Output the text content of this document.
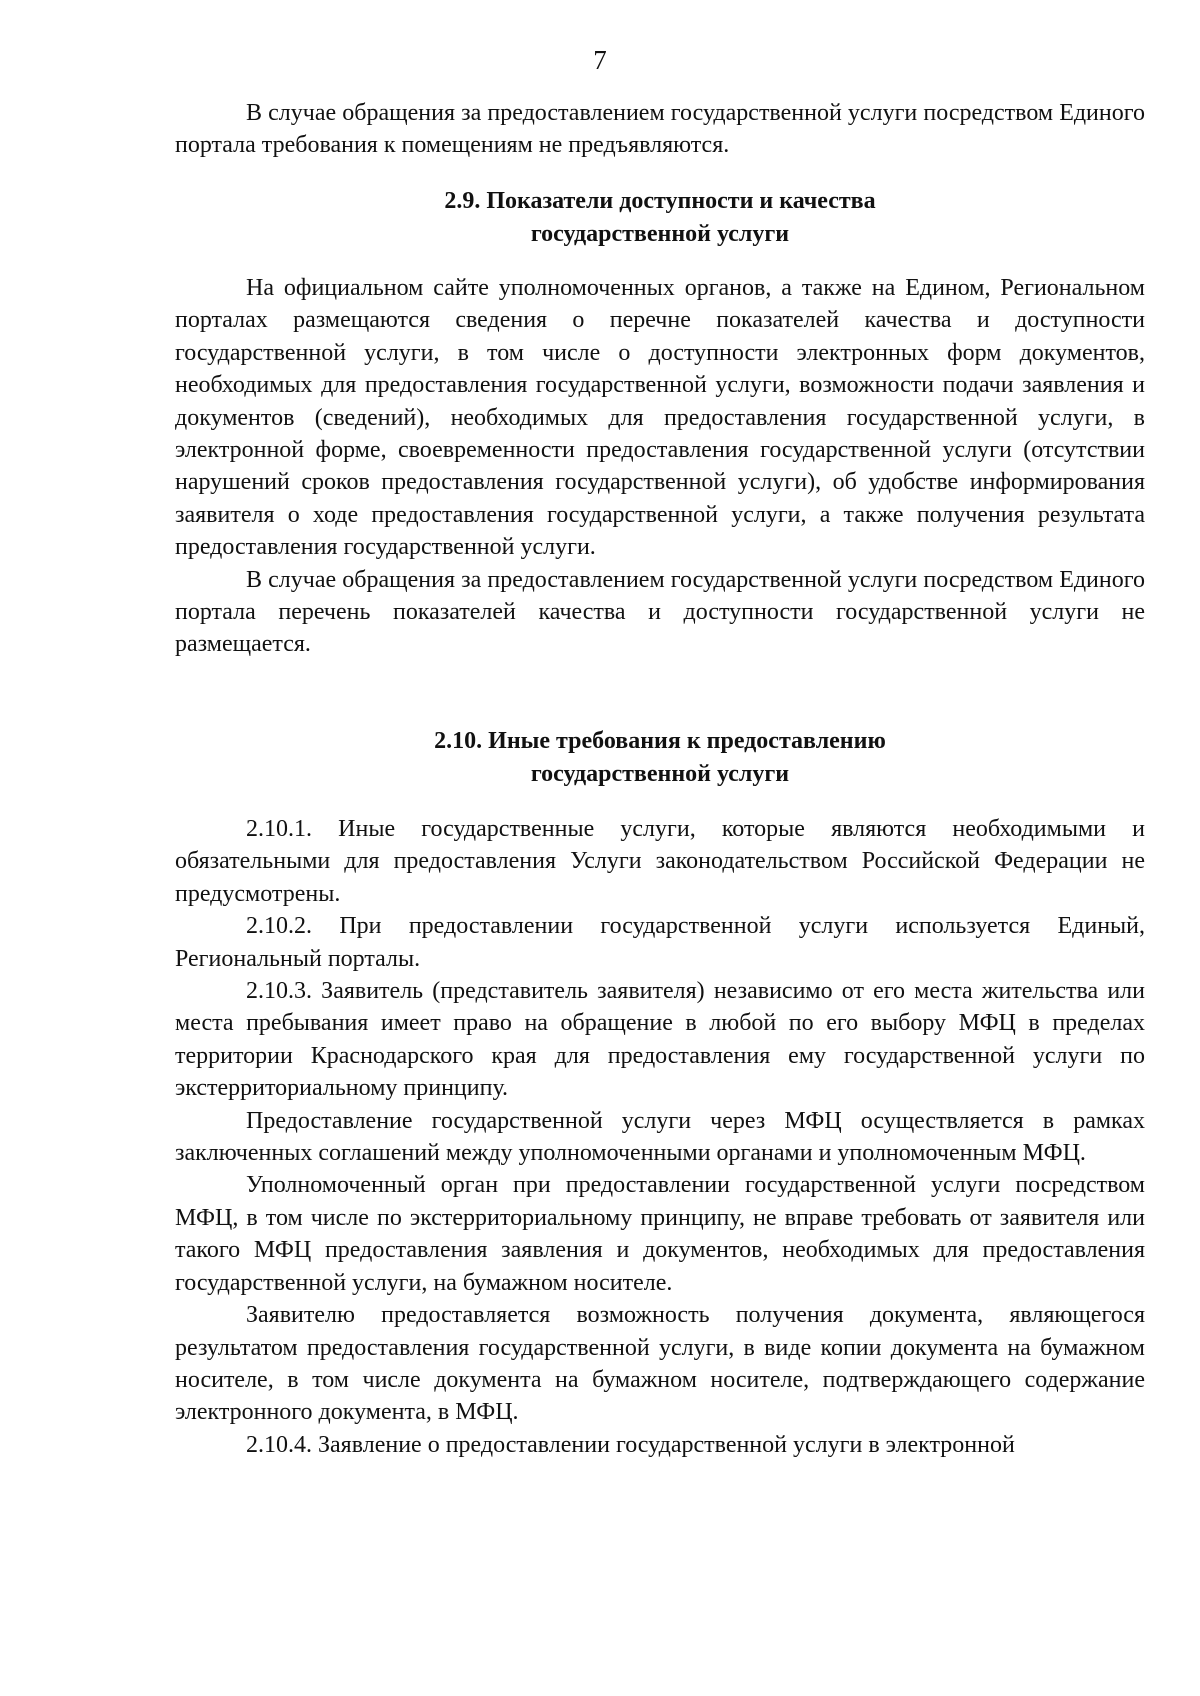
7

В случае обращения за предоставлением государственной услуги посредством Единого портала требования к помещениям не предъявляются.

2.9. Показатели доступности и качества
государственной услуги

На официальном сайте уполномоченных органов, а также на Едином, Региональном порталах размещаются сведения о перечне показателей качества и доступности государственной услуги, в том числе о доступности электронных форм документов, необходимых для предоставления государственной услуги, возможности подачи заявления и документов (сведений), необходимых для предоставления государственной услуги, в электронной форме, своевременности предоставления государственной услуги (отсутствии нарушений сроков предоставления государственной услуги), об удобстве информирования заявителя о ходе предоставления государственной услуги, а также получения результата предоставления государственной услуги.

В случае обращения за предоставлением государственной услуги посредством Единого портала перечень показателей качества и доступности государственной услуги не размещается.

2.10. Иные требования к предоставлению
государственной услуги

2.10.1. Иные государственные услуги, которые являются необходимыми и обязательными для предоставления Услуги законодательством Российской Федерации не предусмотрены.

2.10.2. При предоставлении государственной услуги используется Единый, Региональный порталы.

2.10.3. Заявитель (представитель заявителя) независимо от его места жительства или места пребывания имеет право на обращение в любой по его выбору МФЦ в пределах территории Краснодарского края для предоставления ему государственной услуги по экстерриториальному принципу.

Предоставление государственной услуги через МФЦ осуществляется в рамках заключенных соглашений между уполномоченными органами и уполномоченным МФЦ.

Уполномоченный орган при предоставлении государственной услуги посредством МФЦ, в том числе по экстерриториальному принципу, не вправе требовать от заявителя или такого МФЦ предоставления заявления и документов, необходимых для предоставления государственной услуги, на бумажном носителе.

Заявителю предоставляется возможность получения документа, являющегося результатом предоставления государственной услуги, в виде копии документа на бумажном носителе, в том числе документа на бумажном носителе, подтверждающего содержание электронного документа, в МФЦ.

2.10.4. Заявление о предоставлении государственной услуги в электронной
